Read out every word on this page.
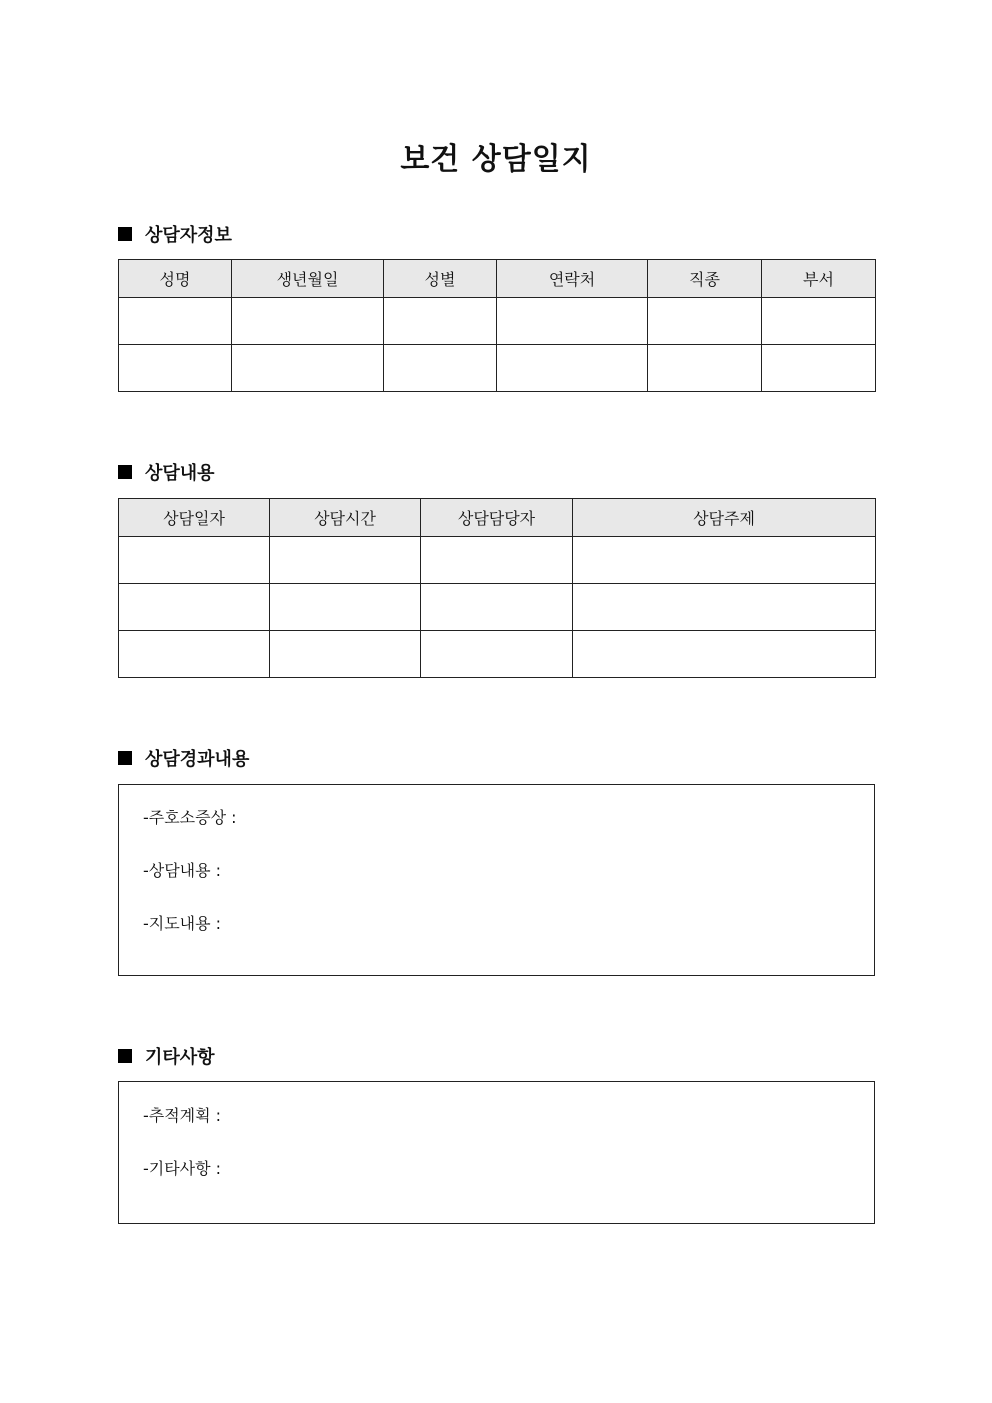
보건 상담일지
상담자정보
성명	생년월일	성별	연락처	직종	부서

상담내용
상담일자	상담시간	상담담당자	상담주제

상담경과내용
-주호소증상 :
-상담내용 :
-지도내용 :
기타사항
-추적계획 :
-기타사항 :
